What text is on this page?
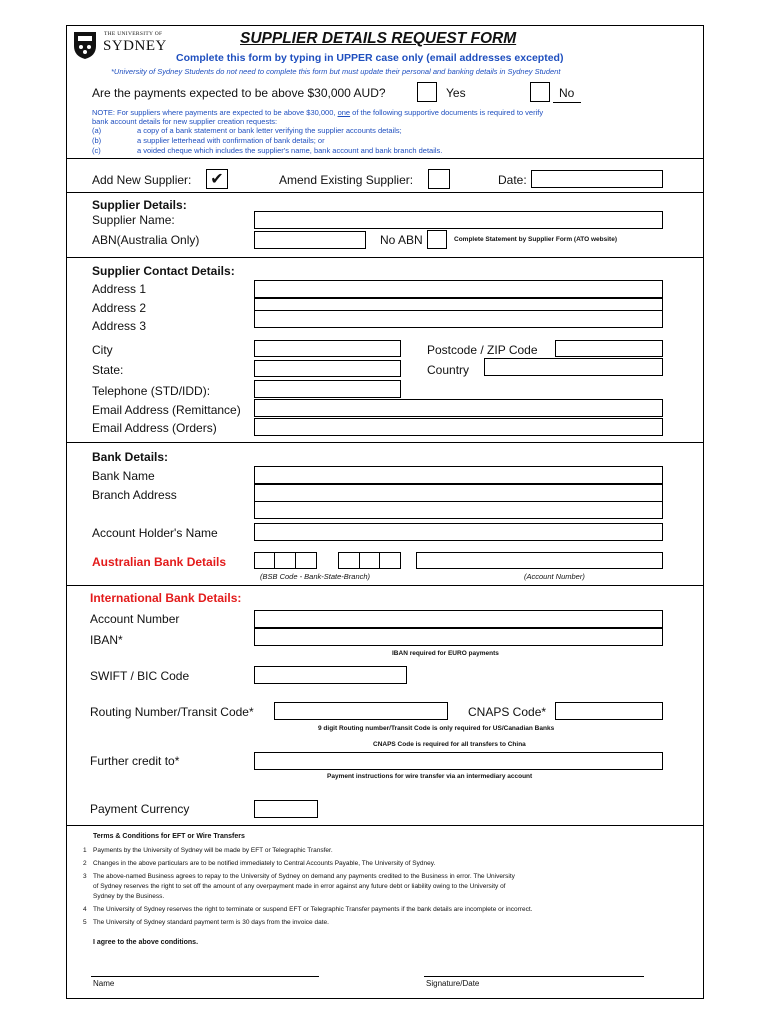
THE UNIVERSITY OF
SYDNEY	SUPPLIER DETAILS REQUEST FORM
Complete this form by typing in UPPER case only (email addresses excepted)
*University of Sydney Students do not need to complete this form but must update their personal and banking details in Sydney Student
Are the payments expected to be above $30,000 AUD?	Yes	No
NOTE: For suppliers where payments are expected to be above $30,000, one of the following supportive documents is required to verify
bank account details for new supplier creation requests:
(a)	a copy of a bank statement or bank letter verifying the supplier accounts details;
(b)	a supplier letterhead with confirmation of bank details; or
(c)	a voided cheque which includes the supplier's name, bank account and bank branch details.
Add New Supplier: ✔	Amend Existing Supplier:	Date:
Supplier Details:
Supplier Name:
ABN(Australia Only)	No ABN	Complete Statement by Supplier Form (ATO website)
Supplier Contact Details:
Address 1
Address 2
Address 3
City	Postcode / ZIP Code
State:	Country
Telephone (STD/IDD):
Email Address (Remittance)
Email Address (Orders)
Bank Details:
Bank Name
Branch Address
Account Holder's Name
Australian Bank Details
(BSB Code - Bank-State-Branch)	(Account Number)
International Bank Details:
Account Number
IBAN*
IBAN required for EURO payments
SWIFT / BIC Code
Routing Number/Transit Code*	CNAPS Code*
9 digit Routing number/Transit Code is only required for US/Canadian Banks
CNAPS Code is required for all transfers to China
Further credit to*
Payment instructions for wire transfer via an intermediary account
Payment Currency
Terms & Conditions for EFT or Wire Transfers
1 Payments by the University of Sydney will be made by EFT or Telegraphic Transfer.
2 Changes in the above particulars are to be notified immediately to Central Accounts Payable, The University of Sydney.
3 The above-named Business agrees to repay to the University of Sydney on demand any payments credited to the Business in error. The University
of Sydney reserves the right to set off the amount of any overpayment made in error against any future debt or liability owing to the University of
Sydney by the Business.
4 The University of Sydney reserves the right to terminate or suspend EFT or Telegraphic Transfer payments if the bank details are incomplete or incorrect.
5 The University of Sydney standard payment term is 30 days from the invoice date.
I agree to the above conditions.
Name	Signature/Date
